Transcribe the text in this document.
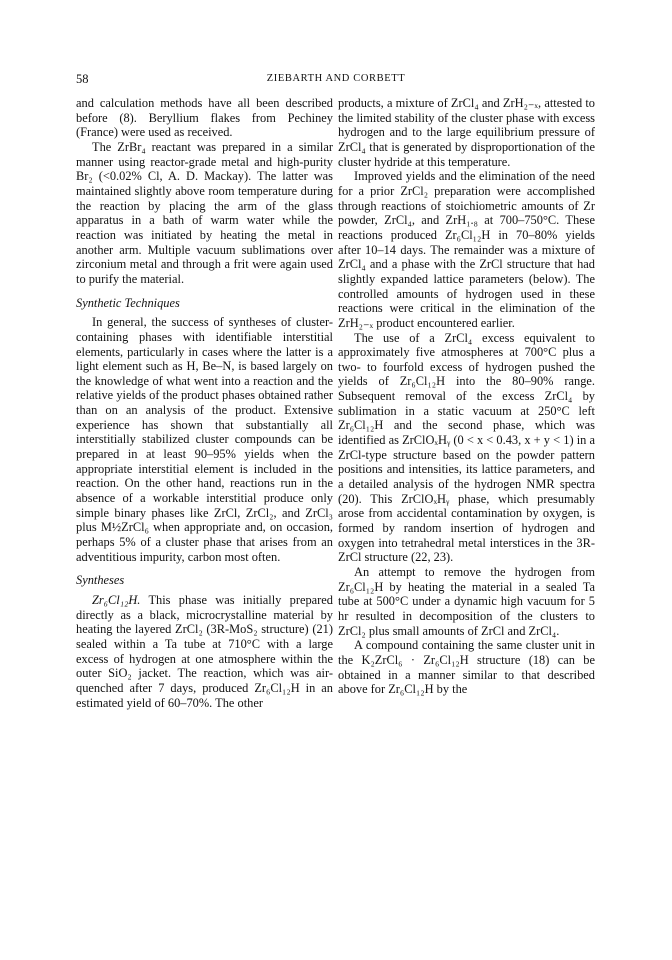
58	ZIEBARTH AND CORBETT

and calculation methods have all been described before (8). Beryllium flakes from Pechiney (France) were used as received.

The ZrBr₄ reactant was prepared in a similar manner using reactor-grade metal and high-purity Br₂ (<0.02% Cl, A. D. Mackay). The latter was maintained slightly above room temperature during the reaction by placing the arm of the glass apparatus in a bath of warm water while the reaction was initiated by heating the metal in another arm. Multiple vacuum sublimations over zirconium metal and through a frit were again used to purify the material.

Synthetic Techniques

In general, the success of syntheses of cluster-containing phases with identifiable interstitial elements, particularly in cases where the latter is a light element such as H, Be–N, is based largely on the knowledge of what went into a reaction and the relative yields of the product phases obtained rather than on an analysis of the product. Extensive experience has shown that substantially all interstitially stabilized cluster compounds can be prepared in at least 90–95% yields when the appropriate interstitial element is included in the reaction. On the other hand, reactions run in the absence of a workable interstitial produce only simple binary phases like ZrCl, ZrCl₂, and ZrCl₃ plus M½ZrCl₆ when appropriate and, on occasion, perhaps 5% of a cluster phase that arises from an adventitious impurity, carbon most often.

Syntheses

Zr₆Cl₁₂H. This phase was initially prepared directly as a black, microcrystalline material by heating the layered ZrCl₂ (3R-MoS₂ structure) (21) sealed within a Ta tube at 710°C with a large excess of hydrogen at one atmosphere within the outer SiO₂ jacket. The reaction, which was air-quenched after 7 days, produced Zr₆Cl₁₂H in an estimated yield of 60–70%. The other

products, a mixture of ZrCl₄ and ZrH₂₋ₓ, attested to the limited stability of the cluster phase with excess hydrogen and to the large equilibrium pressure of ZrCl₄ that is generated by disproportionation of the cluster hydride at this temperature.

Improved yields and the elimination of the need for a prior ZrCl₂ preparation were accomplished through reactions of stoichiometric amounts of Zr powder, ZrCl₄, and ZrH₁.₈ at 700–750°C. These reactions produced Zr₆Cl₁₂H in 70–80% yields after 10–14 days. The remainder was a mixture of ZrCl₄ and a phase with the ZrCl structure that had slightly expanded lattice parameters (below). The controlled amounts of hydrogen used in these reactions were critical in the elimination of the ZrH₂₋ₓ product encountered earlier.

The use of a ZrCl₄ excess equivalent to approximately five atmospheres at 700°C plus a two- to fourfold excess of hydrogen pushed the yields of Zr₆Cl₁₂H into the 80–90% range. Subsequent removal of the excess ZrCl₄ by sublimation in a static vacuum at 250°C left Zr₆Cl₁₂H and the second phase, which was identified as ZrClOₓHᵧ (0 < x < 0.43, x + y < 1) in a ZrCl-type structure based on the powder pattern positions and intensities, its lattice parameters, and a detailed analysis of the hydrogen NMR spectra (20). This ZrClOₓHᵧ phase, which presumably arose from accidental contamination by oxygen, is formed by random insertion of hydrogen and oxygen into tetrahedral metal interstices in the 3R-ZrCl structure (22, 23).

An attempt to remove the hydrogen from Zr₆Cl₁₂H by heating the material in a sealed Ta tube at 500°C under a dynamic high vacuum for 5 hr resulted in decomposition of the clusters to ZrCl₂ plus small amounts of ZrCl and ZrCl₄.

A compound containing the same cluster unit in the K₂ZrCl₆ · Zr₆Cl₁₂H structure (18) can be obtained in a manner similar to that described above for Zr₆Cl₁₂H by the
